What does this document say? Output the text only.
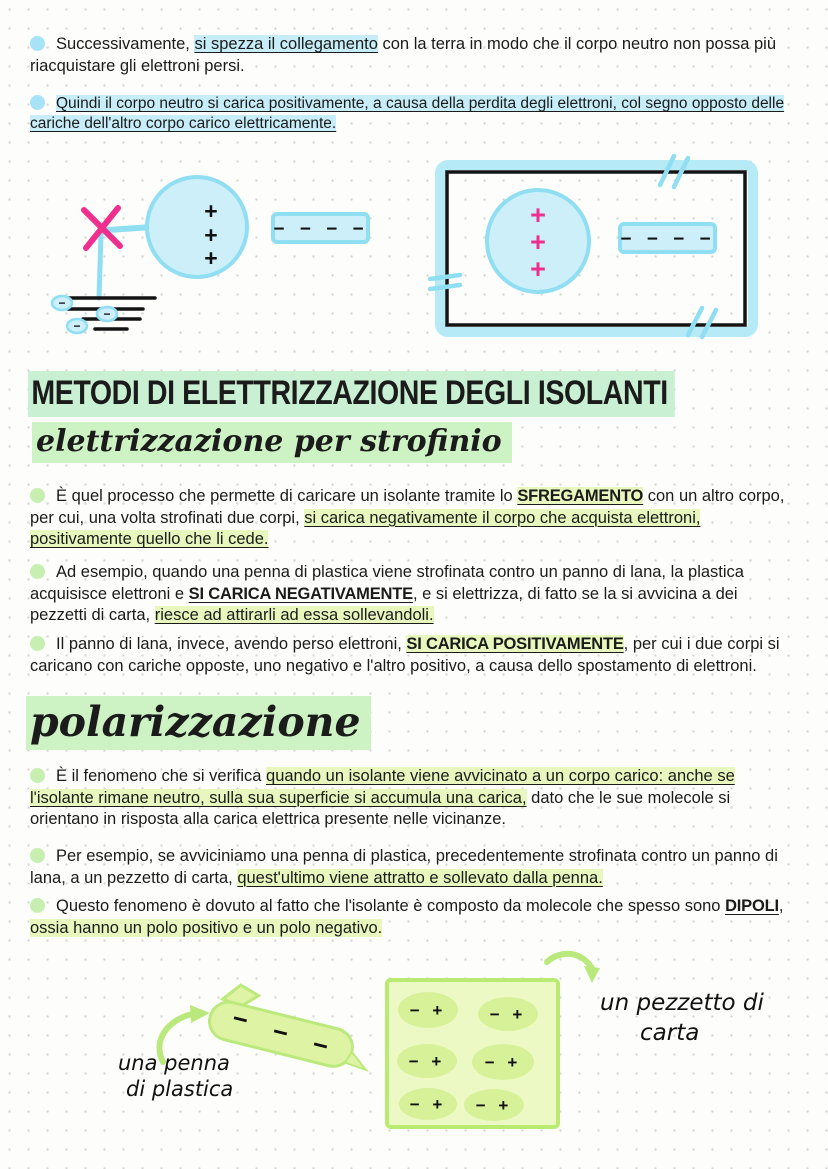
Successivamente, si spezza il collegamento con la terra in modo che il corpo neutro non possa più riacquistare gli elettroni persi.

Quindi il corpo neutro si carica positivamente, a causa della perdita degli elettroni, col segno opposto delle cariche dell'altro corpo carico elettricamente.

+
+
+
− − − −
−
−
−
+
+
+
− − − −
METODI DI ELETTRIZZAZIONE DEGLI ISOLANTI
elettrizzazione per strofinio

È quel processo che permette di caricare un isolante tramite lo SFREGAMENTO con un altro corpo, per cui, una volta strofinati due corpi, si carica negativamente il corpo che acquista elettroni, positivamente quello che li cede.

Ad esempio, quando una penna di plastica viene strofinata contro un panno di lana, la plastica acquisisce elettroni e SI CARICA NEGATIVAMENTE, e si elettrizza, di fatto se la si avvicina a dei pezzetti di carta, riesce ad attirarli ad essa sollevandoli.

Il panno di lana, invece, avendo perso elettroni, SI CARICA POSITIVAMENTE, per cui i due corpi si caricano con cariche opposte, uno negativo e l'altro positivo, a causa dello spostamento di elettroni.

polarizzazione

È il fenomeno che si verifica quando un isolante viene avvicinato a un corpo carico: anche se l'isolante rimane neutro, sulla sua superficie si accumula una carica, dato che le sue molecole si orientano in risposta alla carica elettrica presente nelle vicinanze.

Per esempio, se avviciniamo una penna di plastica, precedentemente strofinata contro un panno di lana, a un pezzetto di carta, quest'ultimo viene attratto e sollevato dalla penna.

Questo fenomeno è dovuto al fatto che l'isolante è composto da molecole che spesso sono DIPOLI, ossia hanno un polo positivo e un polo negativo.

− − −
una penna
di plastica
− +	− +
− + − +
− + − +
un pezzetto di
carta
